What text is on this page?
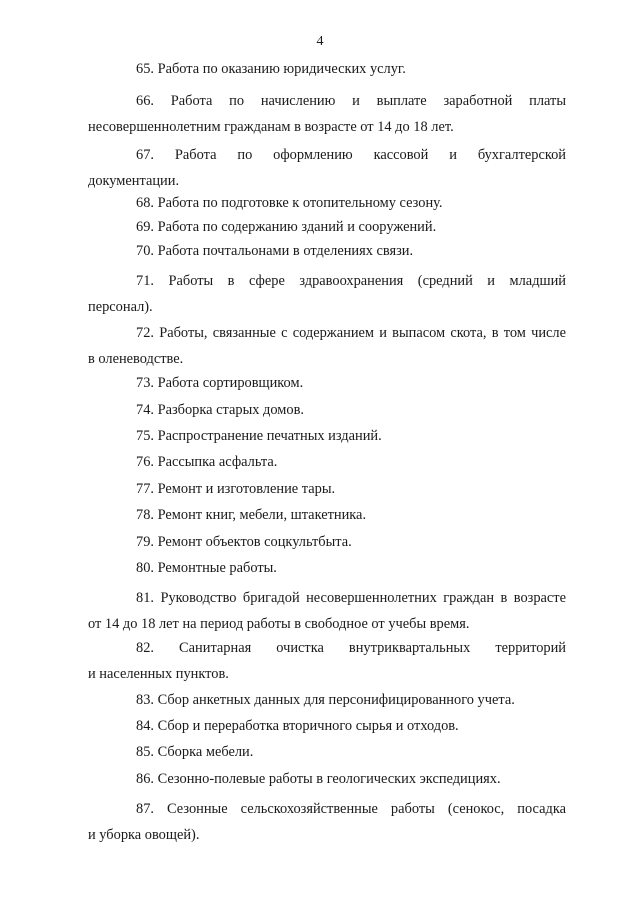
4
65. Работа по оказанию юридических услуг.
66. Работа по начислению и выплате заработной платы
несовершеннолетним гражданам в возрасте от 14 до 18 лет.
67. Работа по оформлению кассовой и бухгалтерской
документации.
68. Работа по подготовке к отопительному сезону.
69. Работа по содержанию зданий и сооружений.
70. Работа почтальонами в отделениях связи.
71. Работы в сфере здравоохранения (средний и младший
персонал).
72. Работы, связанные с содержанием и выпасом скота, в том числе
в оленеводстве.
73. Работа сортировщиком.
74. Разборка старых домов.
75. Распространение печатных изданий.
76. Рассыпка асфальта.
77. Ремонт и изготовление тары.
78. Ремонт книг, мебели, штакетника.
79. Ремонт объектов соцкультбыта.
80. Ремонтные работы.
81. Руководство бригадой несовершеннолетних граждан в возрасте
от 14 до 18 лет на период работы в свободное от учебы время.
82. Санитарная очистка внутриквартальных территорий
и населенных пунктов.
83. Сбор анкетных данных для персонифицированного учета.
84. Сбор и переработка вторичного сырья и отходов.
85. Сборка мебели.
86. Сезонно-полевые работы в геологических экспедициях.
87. Сезонные сельскохозяйственные работы (сенокос, посадка
и уборка овощей).
